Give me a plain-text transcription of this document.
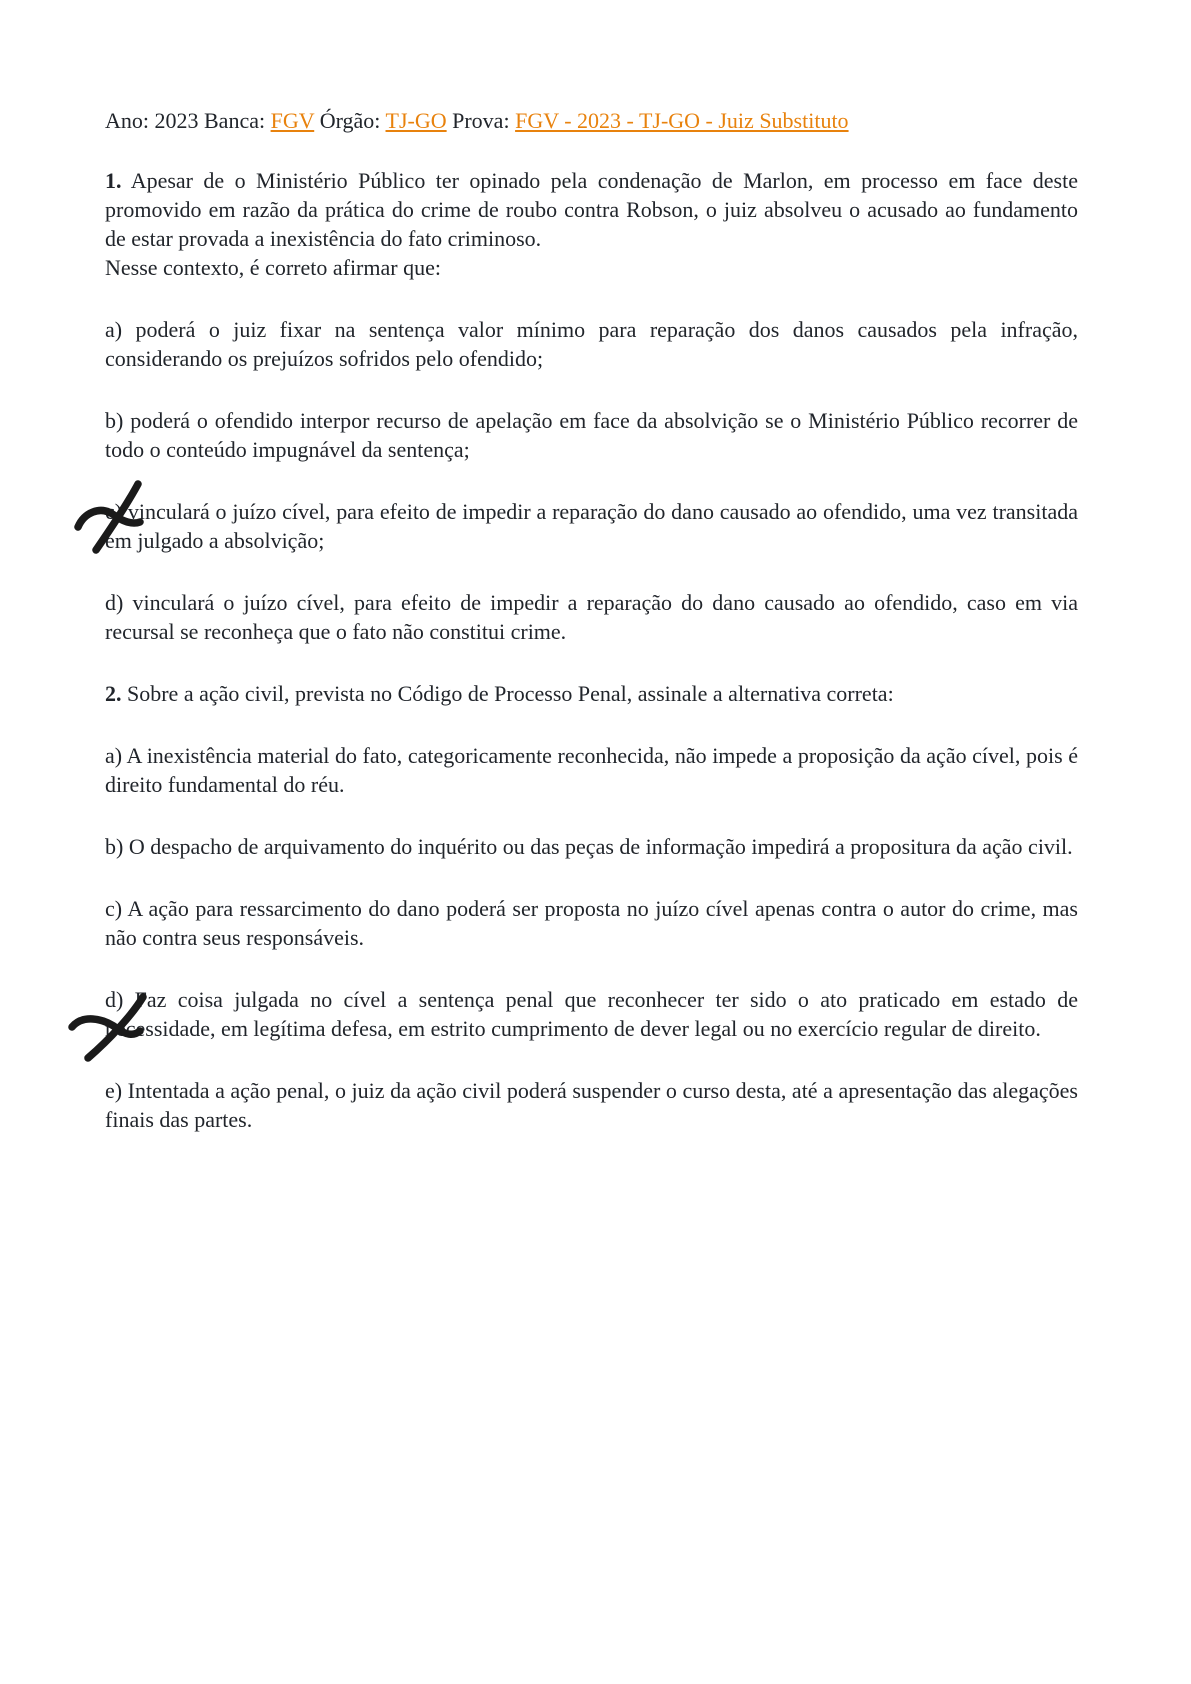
Ano: 2023 Banca: FGV Órgão: TJ-GO Prova: FGV - 2023 - TJ-GO - Juiz Substituto

1. Apesar de o Ministério Público ter opinado pela condenação de Marlon, em processo em face deste promovido em razão da prática do crime de roubo contra Robson, o juiz absolveu o acusado ao fundamento de estar provada a inexistência do fato criminoso.
Nesse contexto, é correto afirmar que:

a) poderá o juiz fixar na sentença valor mínimo para reparação dos danos causados pela infração, considerando os prejuízos sofridos pelo ofendido;

b) poderá o ofendido interpor recurso de apelação em face da absolvição se o Ministério Público recorrer de todo o conteúdo impugnável da sentença;

c) vinculará o juízo cível, para efeito de impedir a reparação do dano causado ao ofendido, uma vez transitada em julgado a absolvição;

d) vinculará o juízo cível, para efeito de impedir a reparação do dano causado ao ofendido, caso em via recursal se reconheça que o fato não constitui crime.

2. Sobre a ação civil, prevista no Código de Processo Penal, assinale a alternativa correta:

a) A inexistência material do fato, categoricamente reconhecida, não impede a proposição da ação cível, pois é direito fundamental do réu.

b) O despacho de arquivamento do inquérito ou das peças de informação impedirá a propositura da ação civil.

c) A ação para ressarcimento do dano poderá ser proposta no juízo cível apenas contra o autor do crime, mas não contra seus responsáveis.

d) Faz coisa julgada no cível a sentença penal que reconhecer ter sido o ato praticado em estado de necessidade, em legítima defesa, em estrito cumprimento de dever legal ou no exercício regular de direito.

e) Intentada a ação penal, o juiz da ação civil poderá suspender o curso desta, até a apresentação das alegações finais das partes.
